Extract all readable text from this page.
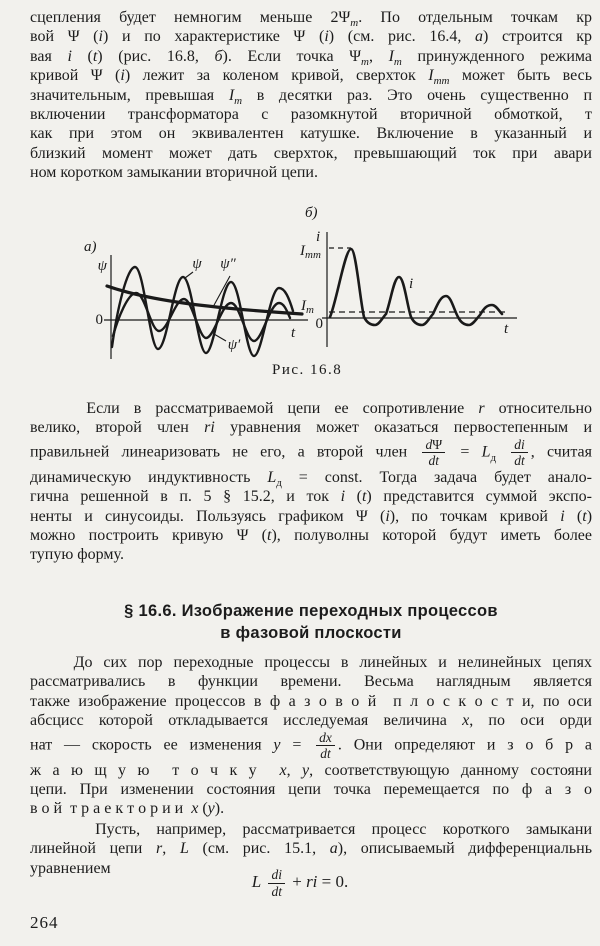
сцепления будет немногим меньше $2\Psi_m$. По отдельным точкам кр
вой Ψ (i) и по характеристике Ψ (i) (см. рис. 16.4, а) строится кр
вая i (t) (рис. 16.8, б). Если точка $\Psi_m$, $I_m$ принужденного режима
кривой Ψ (i) лежит за коленом кривой, сверхток $I_{mm}$ может быть весь
значительным, превышая $I_m$ в десятки раз. Это очень существенно п
включении трансформатора с разомкнутой вторичной обмоткой, т
как при этом он эквивалентен катушке. Включение в указанный и
близкий момент может дать сверхток, превышающий ток при авари
ном коротком замыкании вторичной цепи.
а)
ψ
0
t
ψ ψ″
ψ′
б)
i
$I_{mm}$
$I_m$
0	t
i
Рис. 16.8
Если в рассматриваемой цепи ее сопротивление r относительно
велико, второй член ri уравнения может оказаться первостепенным и
правильней линеаризовать не его, а второй член $\frac{d\Psi}{dt} = L_д \frac{di}{dt}$ , считая
динамическую индуктивность $L_д$ = const. Тогда задача будет анало-
гична решенной в п. 5 § 15.2, и ток i (t) представится суммой экспо-
ненты и синусоиды. Пользуясь графиком Ψ (i), по точкам кривой i (t)
можно построить кривую Ψ (t), полуволны которой будут иметь более
тупую форму.
§ 16.6. Изображение переходных процессов
в фазовой плоскости
До сих пор переходные процессы в линейных и нелинейных цепях
рассматривались в функции времени. Весьма наглядным является
также изображение процессов в ф а з о в о й  п л о с к о с т и, по оси
абсцисс которой откладывается исследуемая величина x, по оси орди
нат — скорость ее изменения $y = \frac{dx}{dt}$ . Они определяют и з о б р а
ж а ю щ у ю  т о ч к у  x, y, соответствующую данному состояни
цепи. При изменении состояния цепи точка перемещается по ф а з о
в о й  т р а е к т о р и и  x (y).
Пусть, например, рассматривается процесс короткого замыкани
линейной цепи r, L (см. рис. 15.1, а), описываемый дифференциальнь
уравнением
L $\frac{di}{dt}$ + ri = 0.
264
